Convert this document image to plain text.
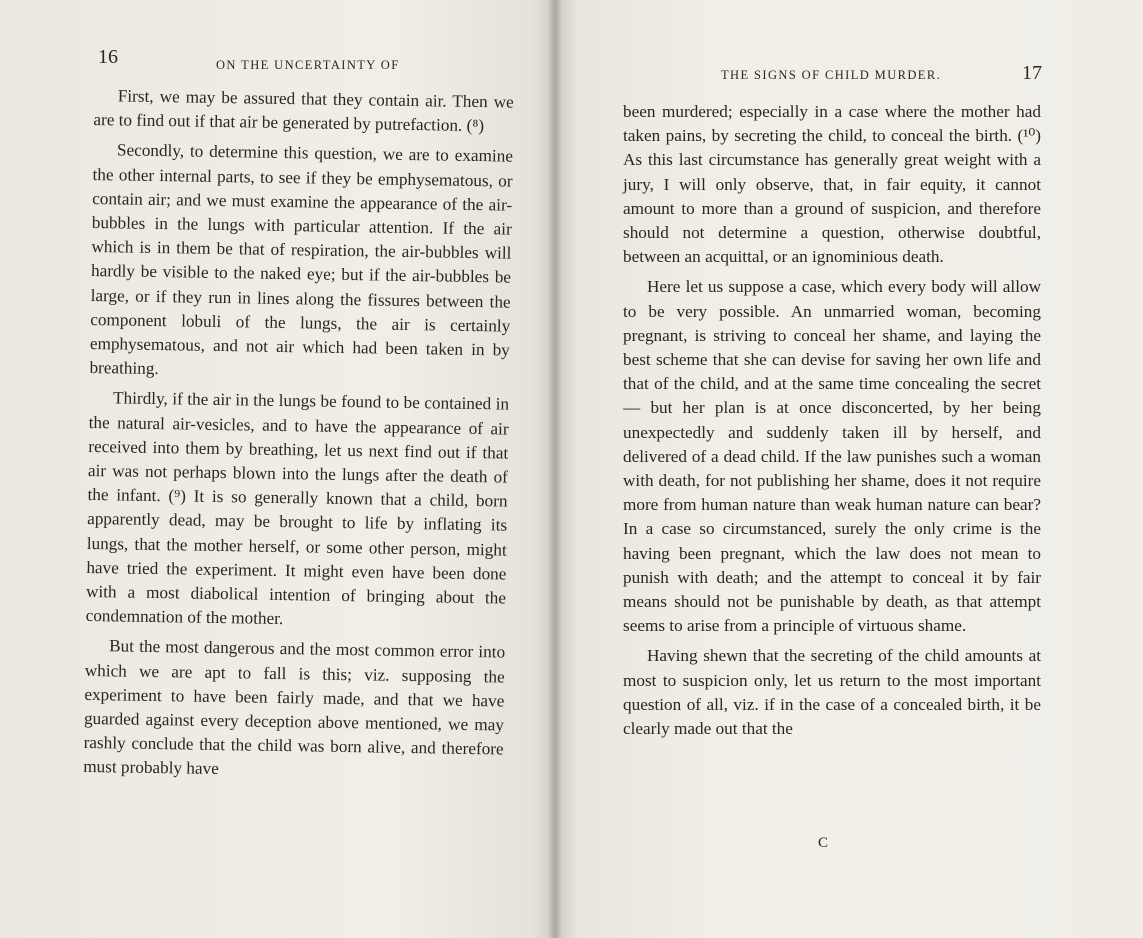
16	ON THE UNCERTAINTY OF
THE SIGNS OF CHILD MURDER.	17

First, we may be assured that they contain air. Then we are to find out if that air be generated by putrefaction. (⁸)

Secondly, to determine this question, we are to examine the other internal parts, to see if they be emphysematous, or contain air; and we must examine the appearance of the air-bubbles in the lungs with particular attention. If the air which is in them be that of respiration, the air-bubbles will hardly be visible to the naked eye; but if the air-bubbles be large, or if they run in lines along the fissures between the component lobuli of the lungs, the air is certainly emphysematous, and not air which had been taken in by breathing.

Thirdly, if the air in the lungs be found to be contained in the natural air-vesicles, and to have the appearance of air received into them by breathing, let us next find out if that air was not perhaps blown into the lungs after the death of the infant. (⁹) It is so generally known that a child, born apparently dead, may be brought to life by inflating its lungs, that the mother herself, or some other person, might have tried the experiment. It might even have been done with a most diabolical intention of bringing about the condemnation of the mother.

But the most dangerous and the most common error into which we are apt to fall is this; viz. supposing the experiment to have been fairly made, and that we have guarded against every deception above mentioned, we may rashly conclude that the child was born alive, and therefore must probably have

been murdered; especially in a case where the mother had taken pains, by secreting the child, to conceal the birth. (¹⁰) As this last circumstance has generally great weight with a jury, I will only observe, that, in fair equity, it cannot amount to more than a ground of suspicion, and therefore should not determine a question, otherwise doubtful, between an acquittal, or an ignominious death.

Here let us suppose a case, which every body will allow to be very possible. An unmarried woman, becoming pregnant, is striving to conceal her shame, and laying the best scheme that she can devise for saving her own life and that of the child, and at the same time concealing the secret— but her plan is at once disconcerted, by her being unexpectedly and suddenly taken ill by herself, and delivered of a dead child. If the law punishes such a woman with death, for not publishing her shame, does it not require more from human nature than weak human nature can bear? In a case so circumstanced, surely the only crime is the having been pregnant, which the law does not mean to punish with death; and the attempt to conceal it by fair means should not be punishable by death, as that attempt seems to arise from a principle of virtuous shame.

Having shewn that the secreting of the child amounts at most to suspicion only, let us return to the most important question of all, viz. if in the case of a concealed birth, it be clearly made out that the

C
